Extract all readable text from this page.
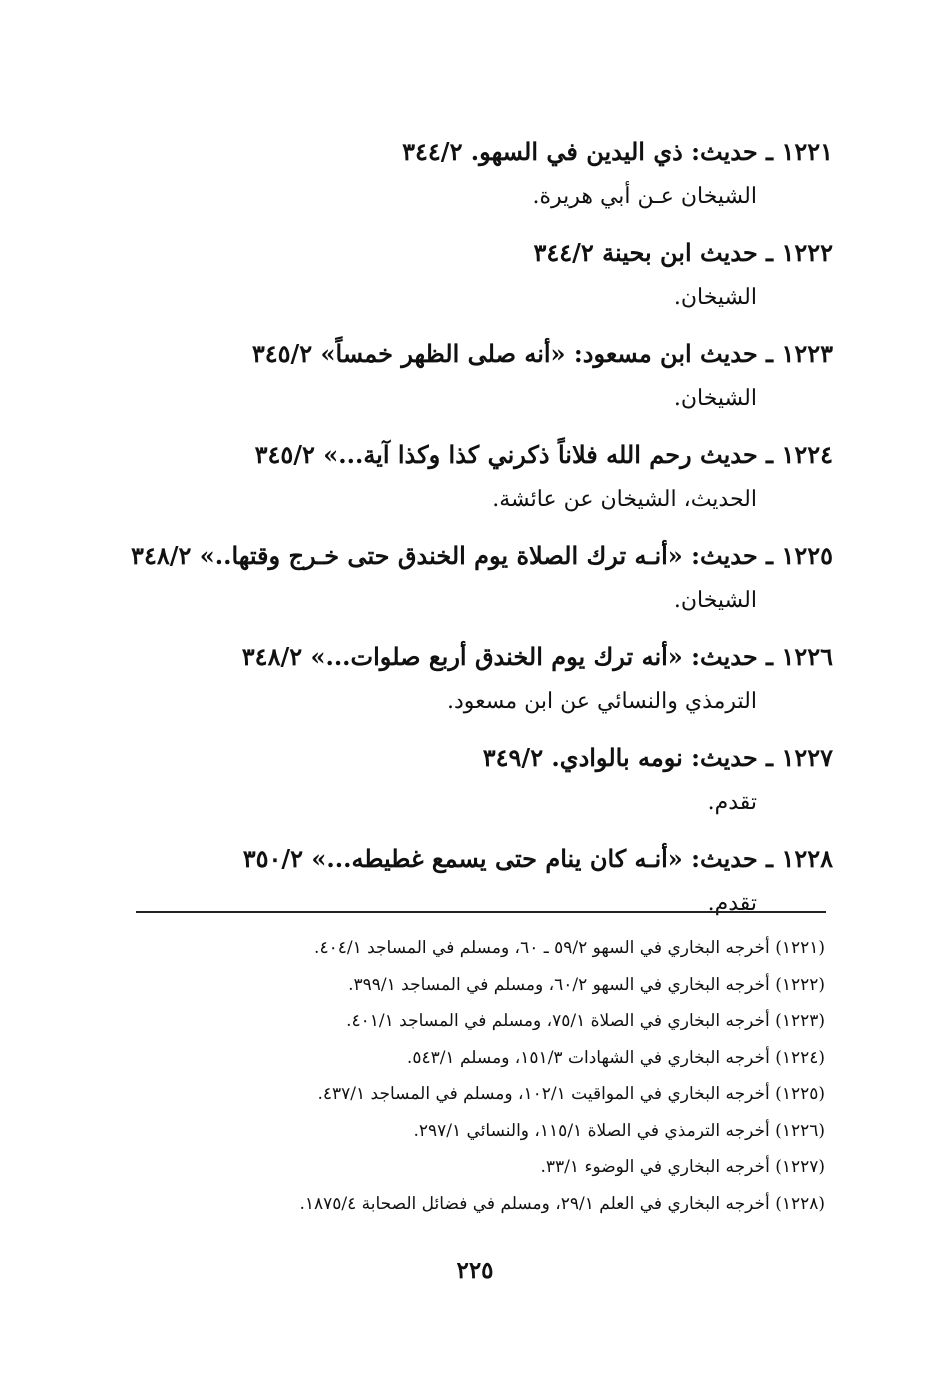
١٢٢١ ـ حديث: ذي اليدين في السهو. ٣٤٤/٢
الشيخان عـن أبي هريرة.
١٢٢٢ ـ حديث ابن بحينة ٣٤٤/٢
الشيخان.
١٢٢٣ ـ حديث ابن مسعود: «أنه صلى الظهر خمساً» ٣٤٥/٢
الشيخان.
١٢٢٤ ـ حديث رحم الله فلاناً ذكرني كذا وكذا آية...» ٣٤٥/٢
الحديث، الشيخان عن عائشة.
١٢٢٥ ـ حديث: «أنـه ترك الصلاة يوم الخندق حتى خـرج وقتها..» ٣٤٨/٢
الشيخان.
١٢٢٦ ـ حديث: «أنه ترك يوم الخندق أربع صلوات...» ٣٤٨/٢
الترمذي والنسائي عن ابن مسعود.
١٢٢٧ ـ حديث: نومه بالوادي. ٣٤٩/٢
تقدم.
١٢٢٨ ـ حديث: «أنـه كان ينام حتى يسمع غطيطه...» ٣٥٠/٢
تقدم.
(١٢٢١) أخرجه البخاري في السهو ٥٩/٢ ـ ٦٠، ومسلم في المساجد ٤٠٤/١.
(١٢٢٢) أخرجه البخاري في السهو ٦٠/٢، ومسلم في المساجد ٣٩٩/١.
(١٢٢٣) أخرجه البخاري في الصلاة ٧٥/١، ومسلم في المساجد ٤٠١/١.
(١٢٢٤) أخرجه البخاري في الشهادات ١٥١/٣، ومسلم ٥٤٣/١.
(١٢٢٥) أخرجه البخاري في المواقيت ١٠٢/١، ومسلم في المساجد ٤٣٧/١.
(١٢٢٦) أخرجه الترمذي في الصلاة ١١٥/١، والنسائي ٢٩٧/١.
(١٢٢٧) أخرجه البخاري في الوضوء ٣٣/١.
(١٢٢٨) أخرجه البخاري في العلم ٢٩/١، ومسلم في فضائل الصحابة ١٨٧٥/٤.
٢٢٥
